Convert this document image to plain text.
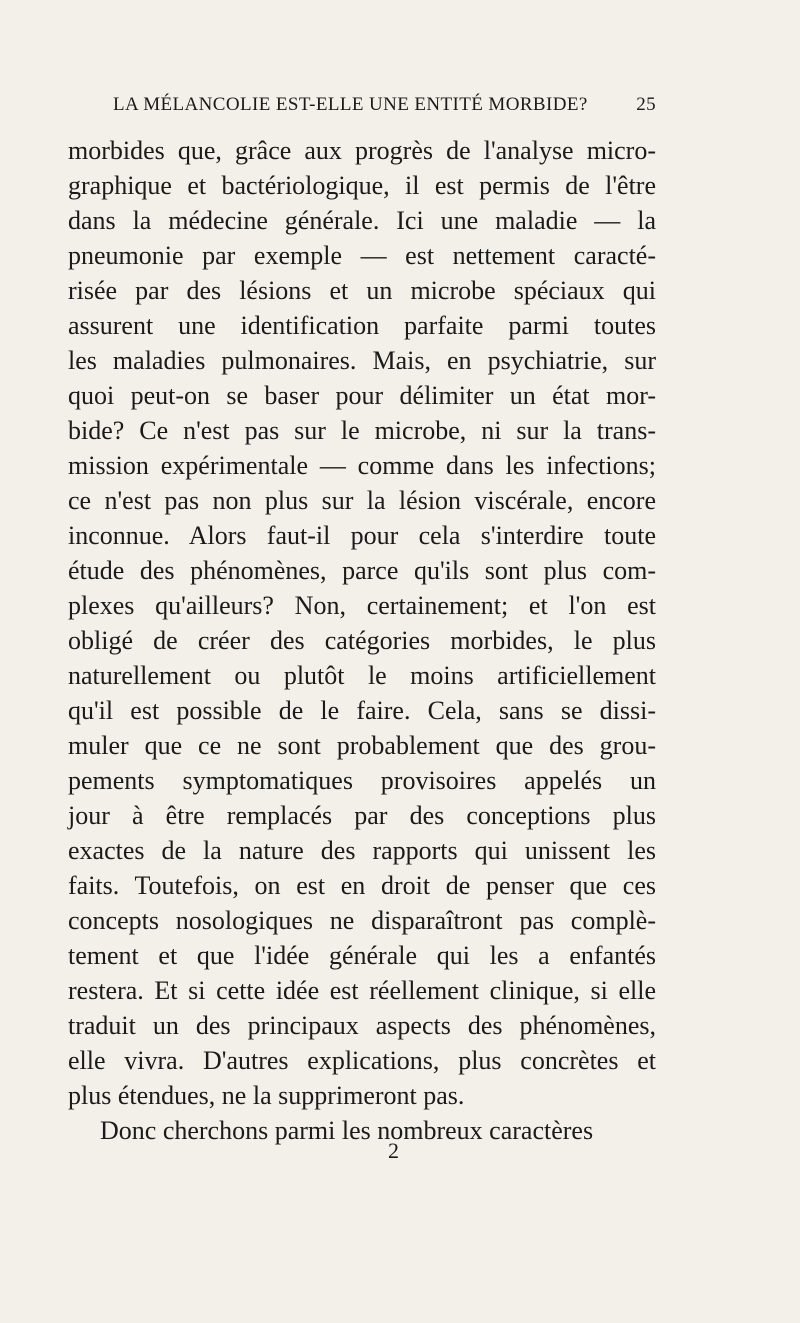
LA MÉLANCOLIE EST-ELLE UNE ENTITÉ MORBIDE?	25
morbides que, grâce aux progrès de l'analyse micro-
graphique et bactériologique, il est permis de l'être
dans la médecine générale. Ici une maladie — la
pneumonie par exemple — est nettement caracté-
risée par des lésions et un microbe spéciaux qui
assurent une identification parfaite parmi toutes
les maladies pulmonaires. Mais, en psychiatrie, sur
quoi peut-on se baser pour délimiter un état mor-
bide? Ce n'est pas sur le microbe, ni sur la trans-
mission expérimentale — comme dans les infections;
ce n'est pas non plus sur la lésion viscérale, encore
inconnue. Alors faut-il pour cela s'interdire toute
étude des phénomènes, parce qu'ils sont plus com-
plexes qu'ailleurs? Non, certainement; et l'on est
obligé de créer des catégories morbides, le plus
naturellement ou plutôt le moins artificiellement
qu'il est possible de le faire. Cela, sans se dissi-
muler que ce ne sont probablement que des grou-
pements symptomatiques provisoires appelés un
jour à être remplacés par des conceptions plus
exactes de la nature des rapports qui unissent les
faits. Toutefois, on est en droit de penser que ces
concepts nosologiques ne disparaîtront pas complè-
tement et que l'idée générale qui les a enfantés
restera. Et si cette idée est réellement clinique, si elle
traduit un des principaux aspects des phénomènes,
elle vivra. D'autres explications, plus concrètes et
plus étendues, ne la supprimeront pas.
Donc cherchons parmi les nombreux caractères
2
